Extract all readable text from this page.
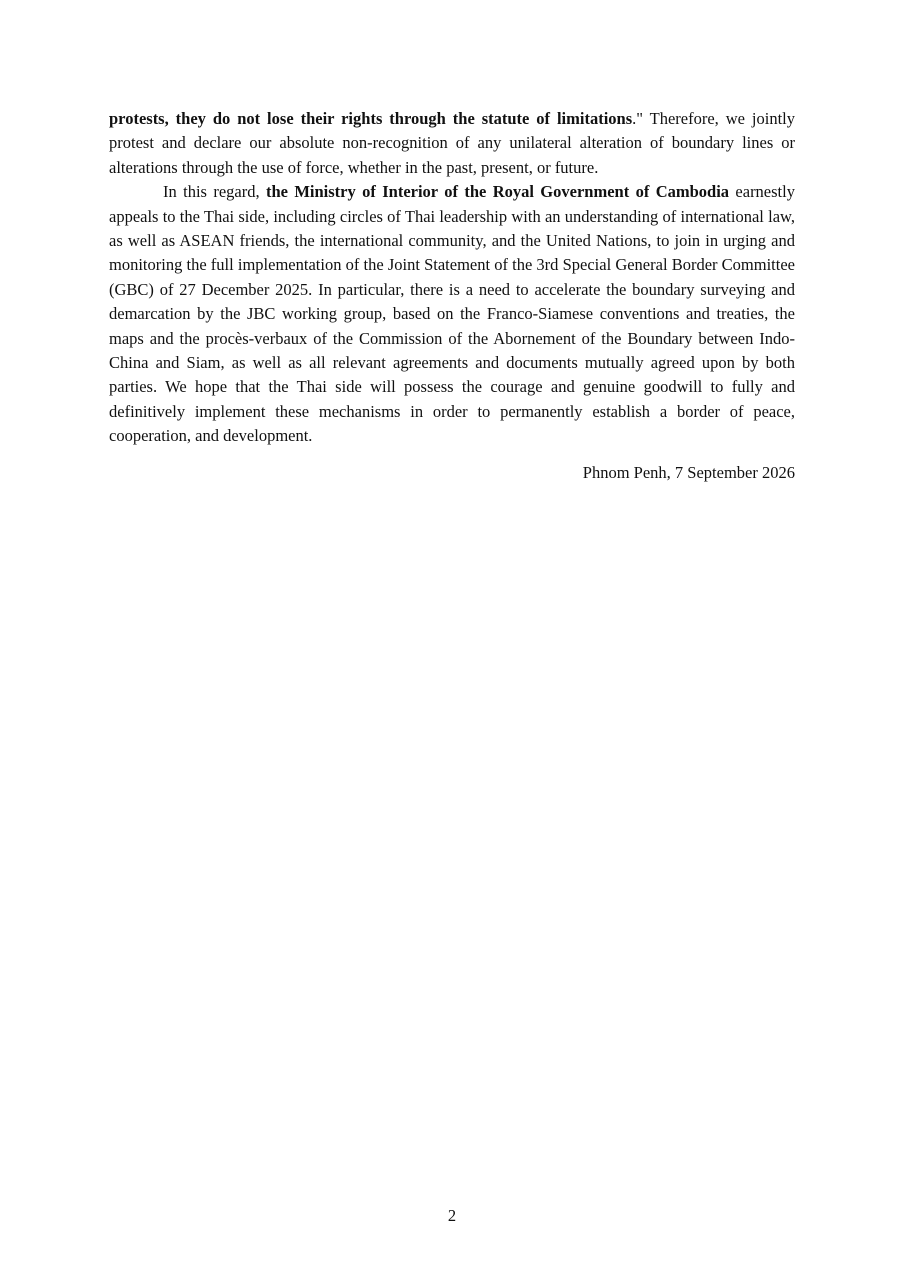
protests, they do not lose their rights through the statute of limitations." Therefore, we jointly protest and declare our absolute non-recognition of any unilateral alteration of boundary lines or alterations through the use of force, whether in the past, present, or future.

In this regard, the Ministry of Interior of the Royal Government of Cambodia earnestly appeals to the Thai side, including circles of Thai leadership with an understanding of international law, as well as ASEAN friends, the international community, and the United Nations, to join in urging and monitoring the full implementation of the Joint Statement of the 3rd Special General Border Committee (GBC) of 27 December 2025. In particular, there is a need to accelerate the boundary surveying and demarcation by the JBC working group, based on the Franco-Siamese conventions and treaties, the maps and the procès-verbaux of the Commission of the Abornement of the Boundary between Indo-China and Siam, as well as all relevant agreements and documents mutually agreed upon by both parties. We hope that the Thai side will possess the courage and genuine goodwill to fully and definitively implement these mechanisms in order to permanently establish a border of peace, cooperation, and development.

Phnom Penh, 7 September 2026

2
